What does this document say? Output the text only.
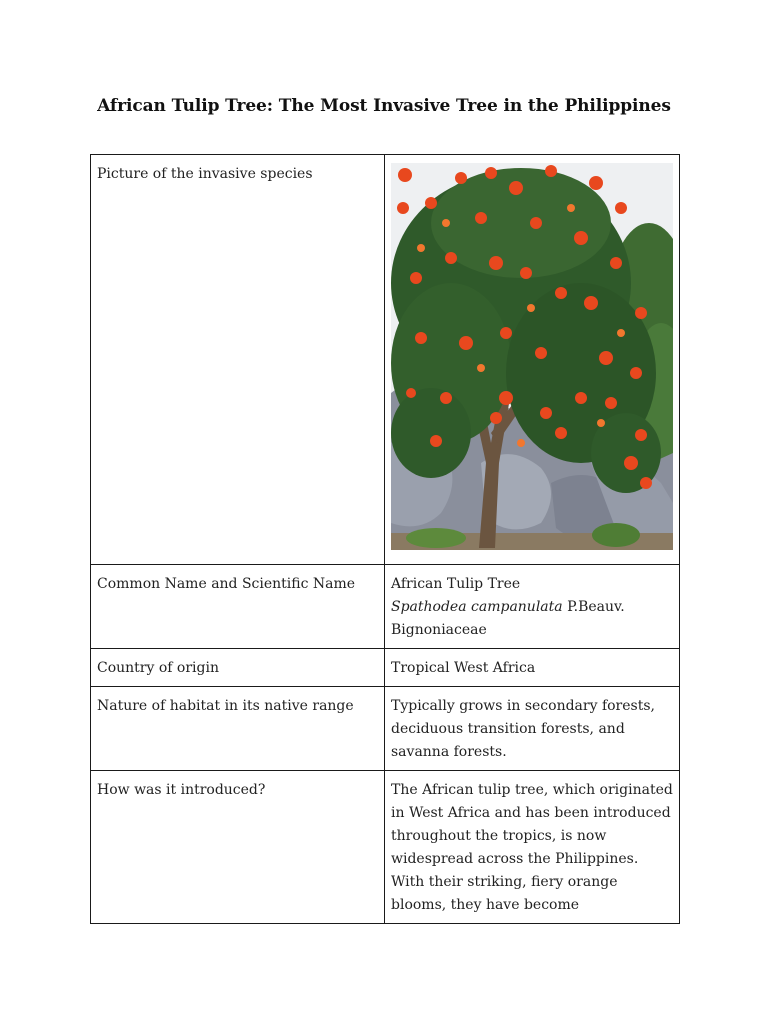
African Tulip Tree: The Most Invasive Tree in the Philippines
Picture of the invasive species	

Common Name and Scientific Name	African Tulip Tree
Spathodea campanulata P.Beauv.
Bignoniaceae

Country of origin	Tropical West Africa
Nature of habitat in its native range	Typically grows in secondary forests, deciduous transition forests, and savanna forests.
How was it introduced?	The African tulip tree, which originated in West Africa and has been introduced throughout the tropics, is now widespread across the Philippines. With their striking, fiery orange blooms, they have become
